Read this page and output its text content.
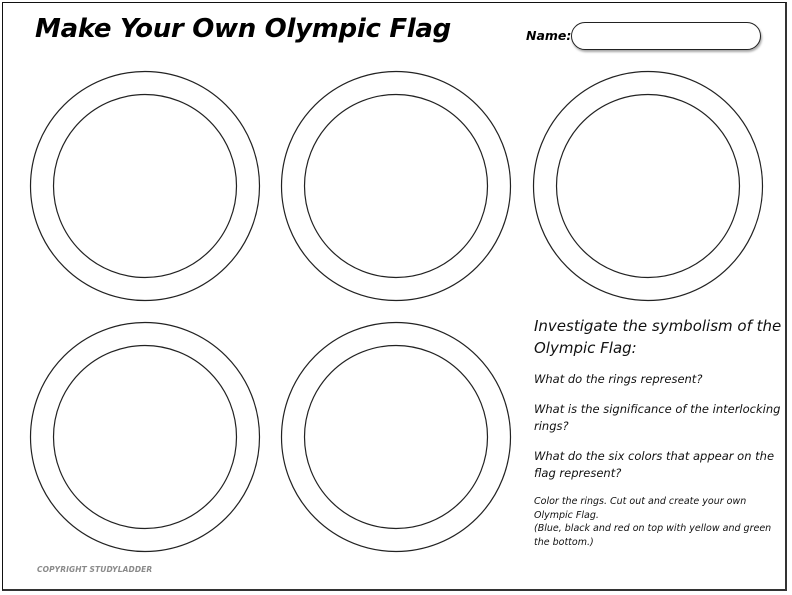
Make Your Own Olympic Flag	Name:

Investigate the symbolism of the Olympic Flag:

What do the rings represent?

What is the significance of the interlocking rings?

What do the six colors that appear on the flag represent?

Color the rings. Cut out and create your own Olympic Flag.
(Blue, black and red on top with yellow and green the bottom.)

COPYRIGHT STUDYLADDER
